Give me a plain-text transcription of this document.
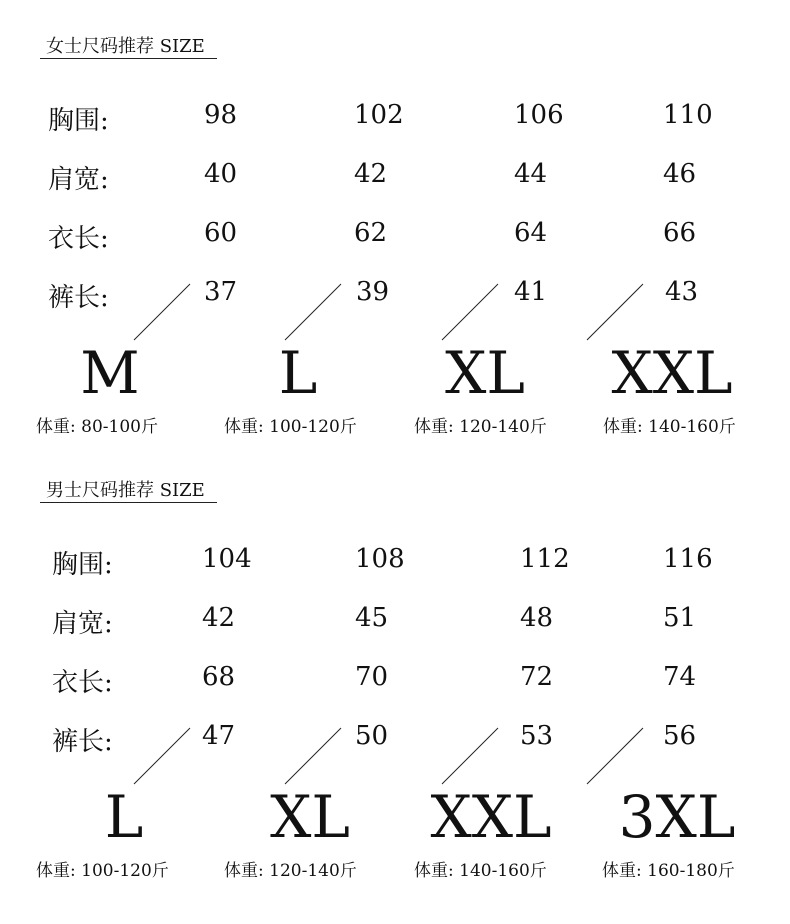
女士尺码推荐 SIZE
胸围:	98	102	106	110
肩宽:	40	42	44	46
衣长:	60	62	64	66
裤长:	37	39	41	43
M L XL XXL
体重: 80-100斤	体重: 100-120斤	体重: 120-140斤	体重: 140-160斤
男士尺码推荐 SIZE
胸围:	104	108	112	116
肩宽:	42	45	48	51
衣长:	68	70	72	74
裤长:	47	50	53	56
L XL XXL 3XL
体重: 100-120斤	体重: 120-140斤	体重: 140-160斤	体重: 160-180斤
